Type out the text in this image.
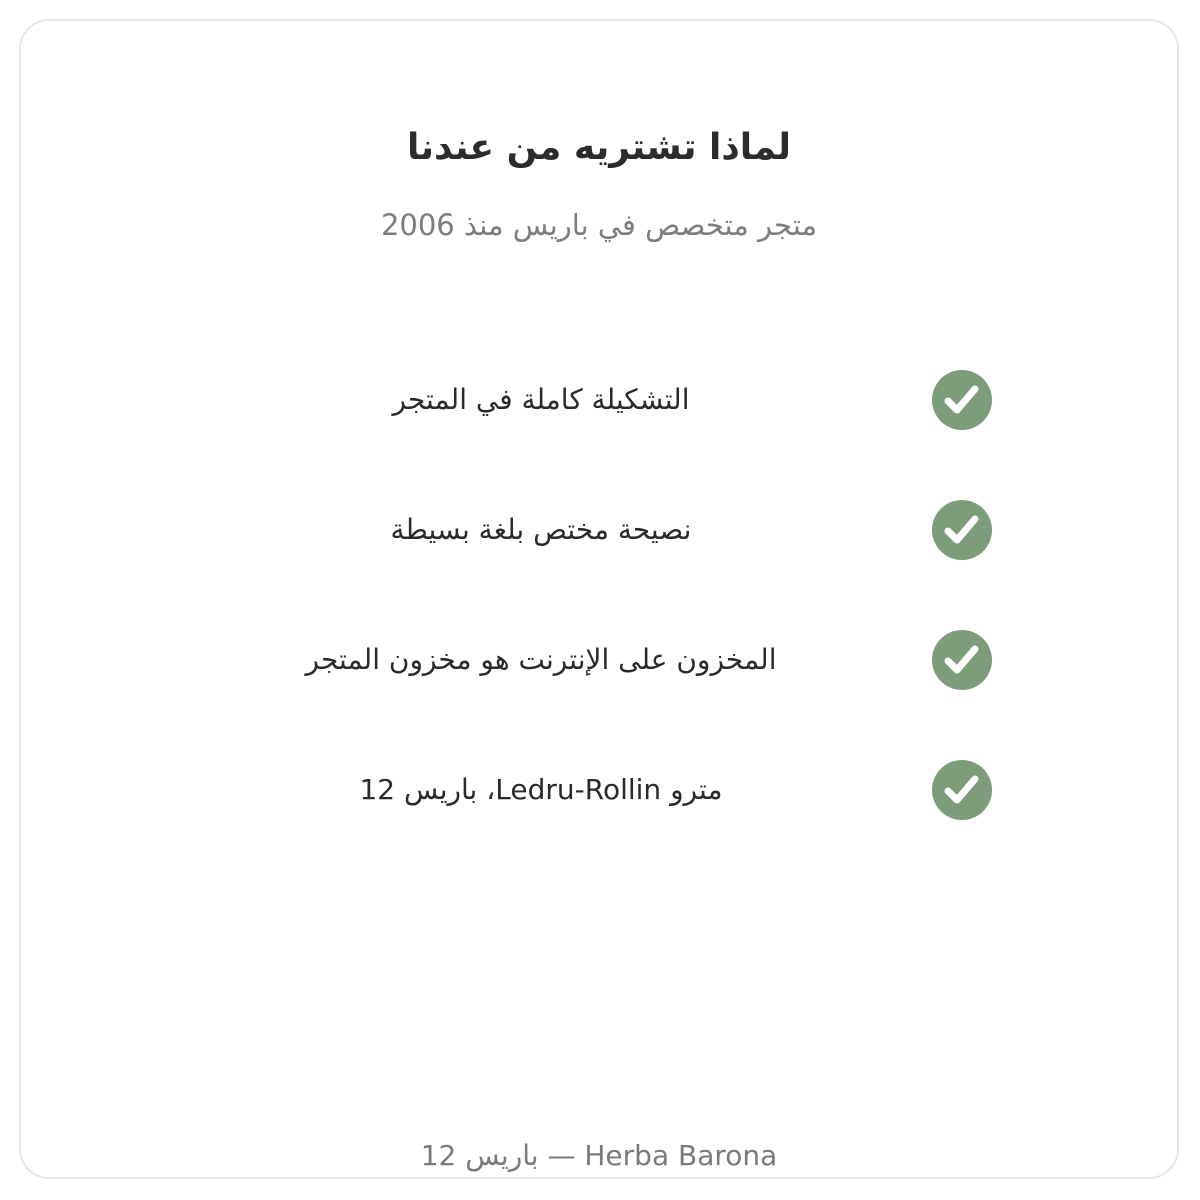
لماذا تشتريه من عندنا
متجر متخصص في باريس منذ 2006
التشكيلة كاملة في المتجر
نصيحة مختص بلغة بسيطة
المخزون على الإنترنت هو مخزون المتجر
مترو Ledru-Rollin، باريس 12
Herba Barona — باريس 12
